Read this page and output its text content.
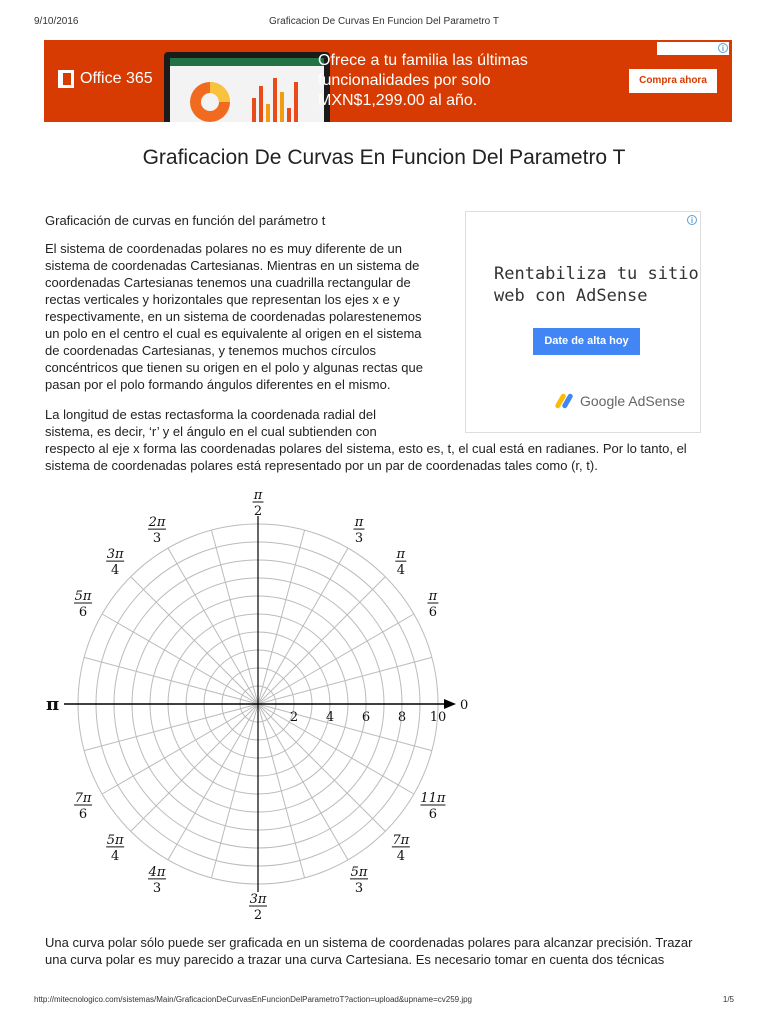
9/10/2016	Graficacion De Curvas En Funcion Del Parametro T
Office 365
Ofrece a tu familia las últimas
funcionalidades por solo
MXN$1,299.00 al año.
Compra ahora
i
Graficacion De Curvas En Funcion Del Parametro T
Graficación de curvas en función del parámetro t
El sistema de coordenadas polares no es muy diferente de un
sistema de coordenadas Cartesianas. Mientras en un sistema de
coordenadas Cartesianas tenemos una cuadrilla rectangular de
rectas verticales y horizontales que representan los ejes x e y
respectivamente, en un sistema de coordenadas polarestenemos
un polo en el centro el cual es equivalente al origen en el sistema
de coordenadas Cartesianas, y tenemos muchos círculos
concéntricos que tienen su origen en el polo y algunas rectas que
pasan por el polo formando ángulos diferentes en el mismo.
La longitud de estas rectasforma la coordenada radial del
sistema, es decir, ‘r’ y el ángulo en el cual subtienden con
respecto al eje x forma las coordenadas polares del sistema, esto es, t, el cual está en radianes. Por lo tanto, el
sistema de coordenadas polares está representado por un par de coordenadas tales como (r, t).
i
Rentabiliza tu sitio
web con AdSense
Date de alta hoy
Google AdSense
2 4 6 8 10
0
π
π
2
π
3
π
4
π
6
2π
3
3π
4
5π
6
7π
6
5π
4
4π
3
3π
2
5π
3
7π
4
11π
6
Una curva polar sólo puede ser graficada en un sistema de coordenadas polares para alcanzar precisión. Trazar
una curva polar es muy parecido a trazar una curva Cartesiana. Es necesario tomar en cuenta dos técnicas
http://mitecnologico.com/sistemas/Main/GraficacionDeCurvasEnFuncionDelParametroT?action=upload&upname=cv259.jpg	1/5
